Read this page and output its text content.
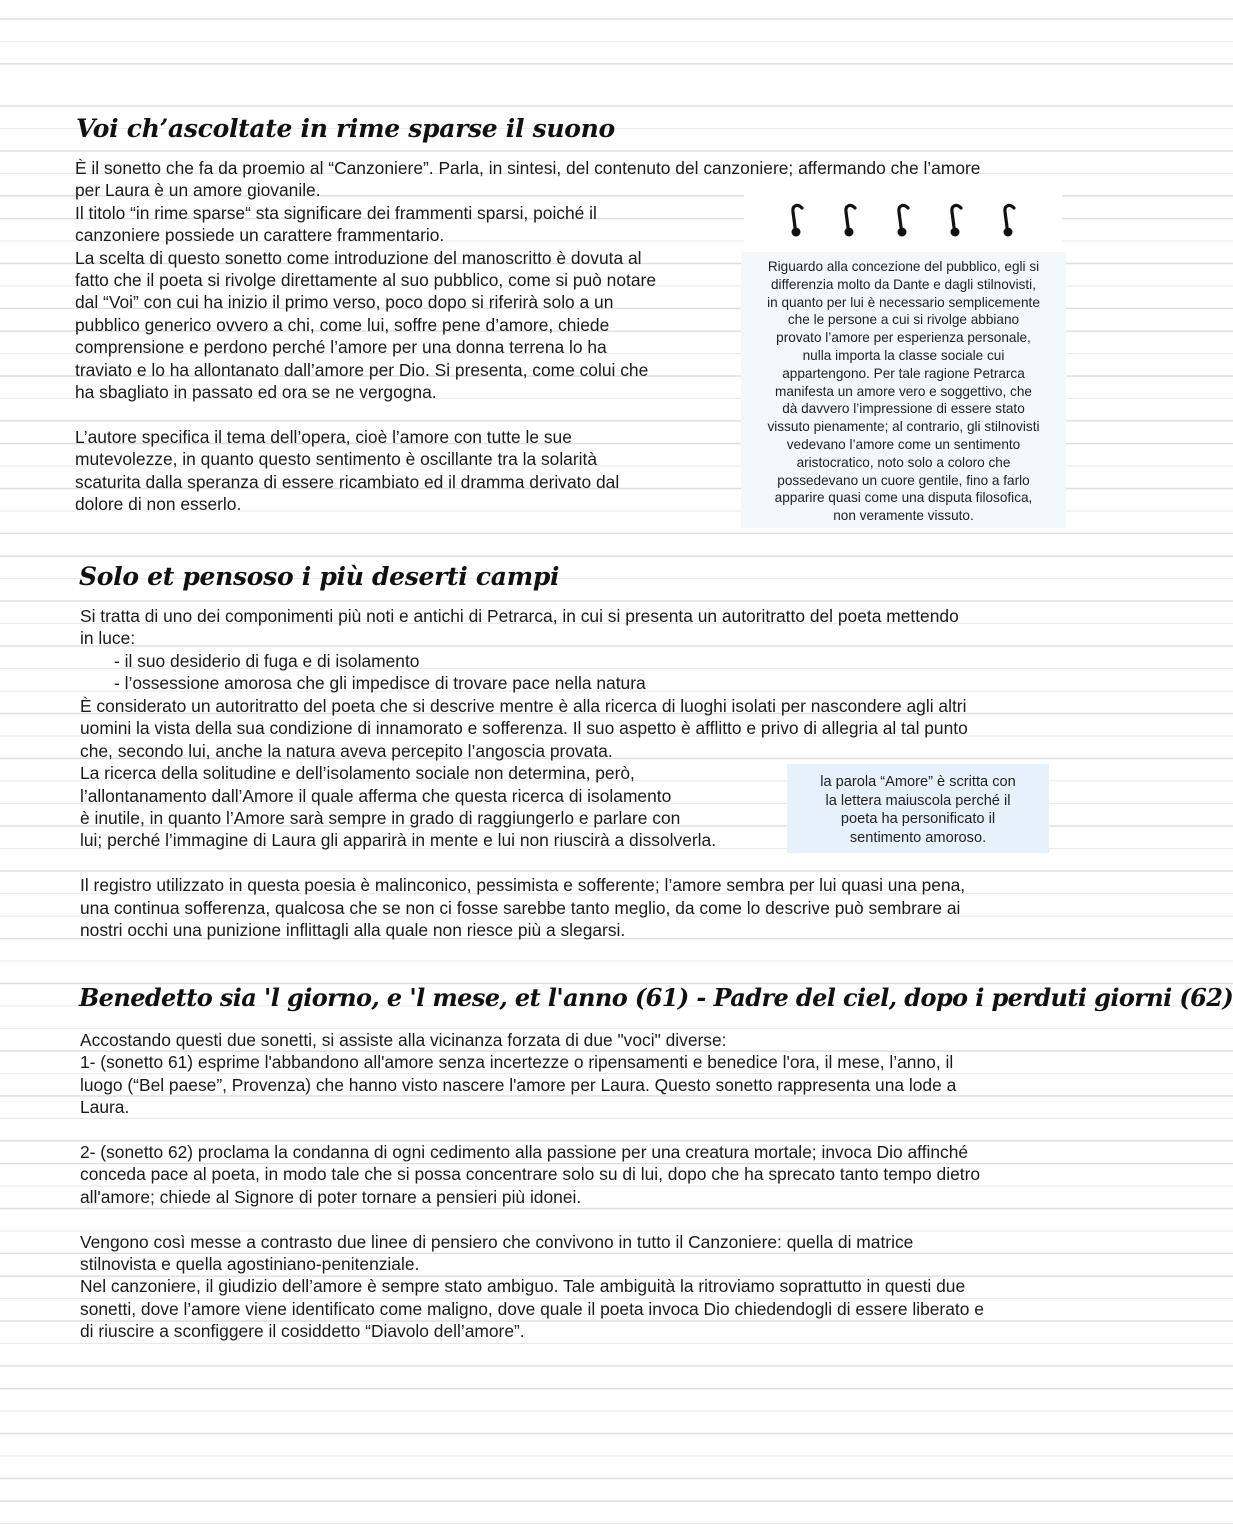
Voi ch’ascoltate in rime sparse il suono
È il sonetto che fa da proemio al “Canzoniere”. Parla, in sintesi, del contenuto del canzoniere; affermando che l’amore
per Laura è un amore giovanile.
Il titolo “in rime sparse“ sta significare dei frammenti sparsi, poiché il
canzoniere possiede un carattere frammentario.
La scelta di questo sonetto come introduzione del manoscritto è dovuta al
fatto che il poeta si rivolge direttamente al suo pubblico, come si può notare
dal “Voi” con cui ha inizio il primo verso, poco dopo si riferirà solo a un
pubblico generico ovvero a chi, come lui, soffre pene d’amore, chiede
comprensione e perdono perché l’amore per una donna terrena lo ha
traviato e lo ha allontanato dall’amore per Dio. Si presenta, come colui che
ha sbagliato in passato ed ora se ne vergogna.
L’autore specifica il tema dell’opera, cioè l’amore con tutte le sue
mutevolezze, in quanto questo sentimento è oscillante tra la solarità
scaturita dalla speranza di essere ricambiato ed il dramma derivato dal
dolore di non esserlo.
Riguardo alla concezione del pubblico, egli si
differenzia molto da Dante e dagli stilnovisti,
in quanto per lui è necessario semplicemente
che le persone a cui si rivolge abbiano
provato l’amore per esperienza personale,
nulla importa la classe sociale cui
appartengono. Per tale ragione Petrarca
manifesta un amore vero e soggettivo, che
dà davvero l’impressione di essere stato
vissuto pienamente; al contrario, gli stilnovisti
vedevano l’amore come un sentimento
aristocratico, noto solo a coloro che
possedevano un cuore gentile, fino a farlo
apparire quasi come una disputa filosofica,
non veramente vissuto.
Solo et pensoso i più deserti campi
Si tratta di uno dei componimenti più noti e antichi di Petrarca, in cui si presenta un autoritratto del poeta mettendo
in luce:
- il suo desiderio di fuga e di isolamento
- l’ossessione amorosa che gli impedisce di trovare pace nella natura
È considerato un autoritratto del poeta che si descrive mentre è alla ricerca di luoghi isolati per nascondere agli altri
uomini la vista della sua condizione di innamorato e sofferenza. Il suo aspetto è afflitto e privo di allegria al tal punto
che, secondo lui, anche la natura aveva percepito l’angoscia provata.
La ricerca della solitudine e dell’isolamento sociale non determina, però,
l’allontanamento dall’Amore il quale afferma che questa ricerca di isolamento
è inutile, in quanto l’Amore sarà sempre in grado di raggiungerlo e parlare con
lui; perché l’immagine di Laura gli apparirà in mente e lui non riuscirà a dissolverla.
Il registro utilizzato in questa poesia è malinconico, pessimista e sofferente; l’amore sembra per lui quasi una pena,
una continua sofferenza, qualcosa che se non ci fosse sarebbe tanto meglio, da come lo descrive può sembrare ai
nostri occhi una punizione inflittagli alla quale non riesce più a slegarsi.
la parola “Amore” è scritta con
la lettera maiuscola perché il
poeta ha personificato il
sentimento amoroso.
Benedetto sia 'l giorno, e 'l mese, et l'anno (61) - Padre del ciel, dopo i perduti giorni (62)
Accostando questi due sonetti, si assiste alla vicinanza forzata di due "voci" diverse:
1- (sonetto 61) esprime l'abbandono all'amore senza incertezze o ripensamenti e benedice l'ora, il mese, l’anno, il
luogo (“Bel paese”, Provenza) che hanno visto nascere l'amore per Laura. Questo sonetto rappresenta una lode a
Laura.
2- (sonetto 62) proclama la condanna di ogni cedimento alla passione per una creatura mortale; invoca Dio affinché
conceda pace al poeta, in modo tale che si possa concentrare solo su di lui, dopo che ha sprecato tanto tempo dietro
all'amore; chiede al Signore di poter tornare a pensieri più idonei.
Vengono così messe a contrasto due linee di pensiero che convivono in tutto il Canzoniere: quella di matrice
stilnovista e quella agostiniano-penitenziale.
Nel canzoniere, il giudizio dell’amore è sempre stato ambiguo. Tale ambiguità la ritroviamo soprattutto in questi due
sonetti, dove l’amore viene identificato come maligno, dove quale il poeta invoca Dio chiedendogli di essere liberato e
di riuscire a sconfiggere il cosiddetto “Diavolo dell’amore”.
